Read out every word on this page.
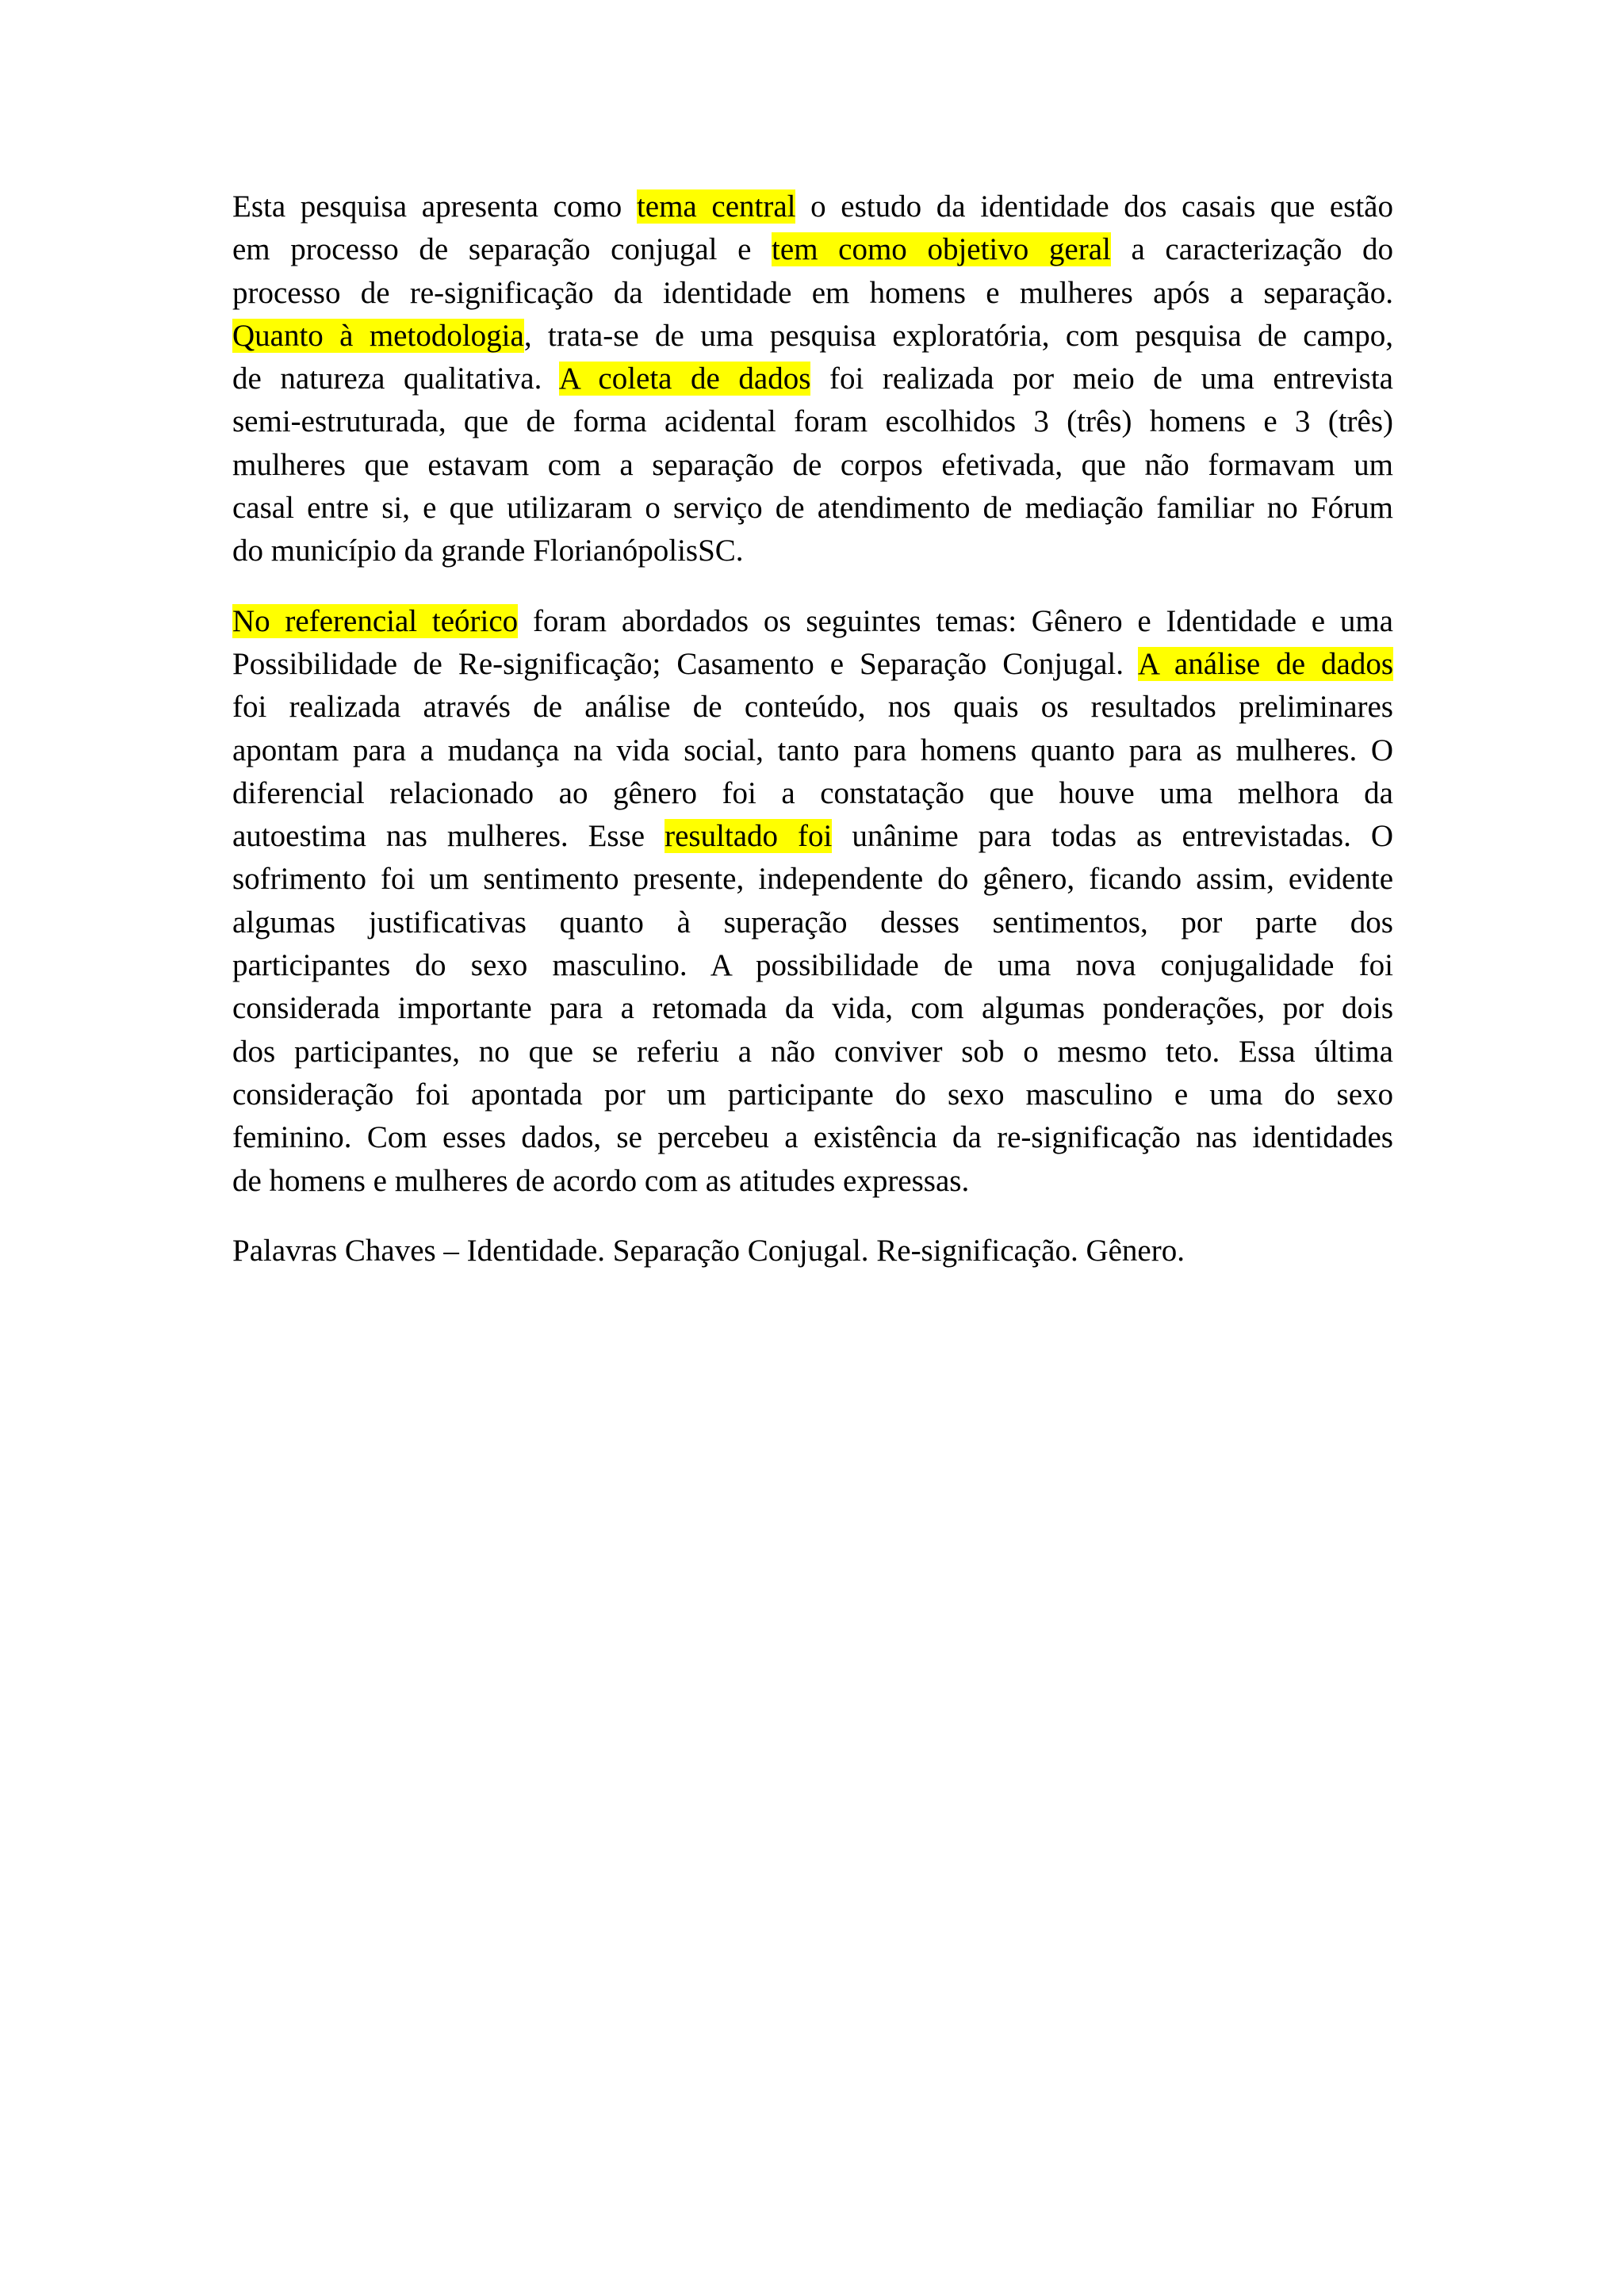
Esta pesquisa apresenta como tema central o estudo da identidade dos casais que estão
em processo de separação conjugal e tem como objetivo geral a caracterização do
processo de re-significação da identidade em homens e mulheres após a separação.
Quanto à metodologia, trata-se de uma pesquisa exploratória, com pesquisa de campo,
de natureza qualitativa. A coleta de dados foi realizada por meio de uma entrevista
semi-estruturada, que de forma acidental foram escolhidos 3 (três) homens e 3 (três)
mulheres que estavam com a separação de corpos efetivada, que não formavam um
casal entre si, e que utilizaram o serviço de atendimento de mediação familiar no Fórum
do município da grande FlorianópolisSC.
No referencial teórico foram abordados os seguintes temas: Gênero e Identidade e uma
Possibilidade de Re-significação; Casamento e Separação Conjugal. A análise de dados
foi realizada através de análise de conteúdo, nos quais os resultados preliminares
apontam para a mudança na vida social, tanto para homens quanto para as mulheres. O
diferencial relacionado ao gênero foi a constatação que houve uma melhora da
autoestima nas mulheres. Esse resultado foi unânime para todas as entrevistadas. O
sofrimento foi um sentimento presente, independente do gênero, ficando assim, evidente
algumas justificativas quanto à superação desses sentimentos, por parte dos
participantes do sexo masculino. A possibilidade de uma nova conjugalidade foi
considerada importante para a retomada da vida, com algumas ponderações, por dois
dos participantes, no que se referiu a não conviver sob o mesmo teto. Essa última
consideração foi apontada por um participante do sexo masculino e uma do sexo
feminino. Com esses dados, se percebeu a existência da re-significação nas identidades
de homens e mulheres de acordo com as atitudes expressas.
Palavras Chaves – Identidade. Separação Conjugal. Re-significação. Gênero.
